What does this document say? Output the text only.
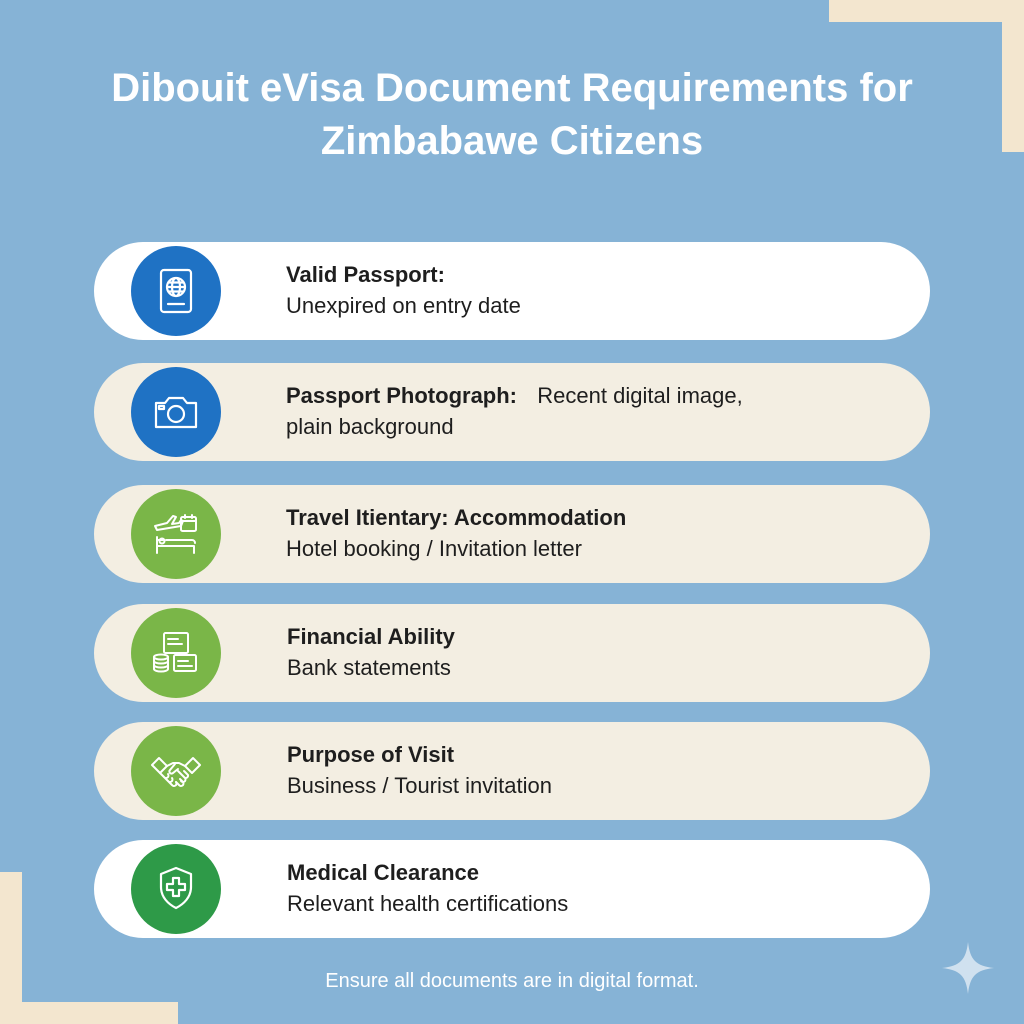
Dibouit eVisa Document Requirements for
Zimbabawe Citizens
Valid Passport:
Unexpired on entry date
Passport Photograph: Recent digital image,
plain background
Travel Itientary: Accommodation
Hotel booking / Invitation letter
Financial Ability
Bank statements
Purpose of Visit
Business / Tourist invitation
Medical Clearance
Relevant health certifications
Ensure all documents are in digital format.
